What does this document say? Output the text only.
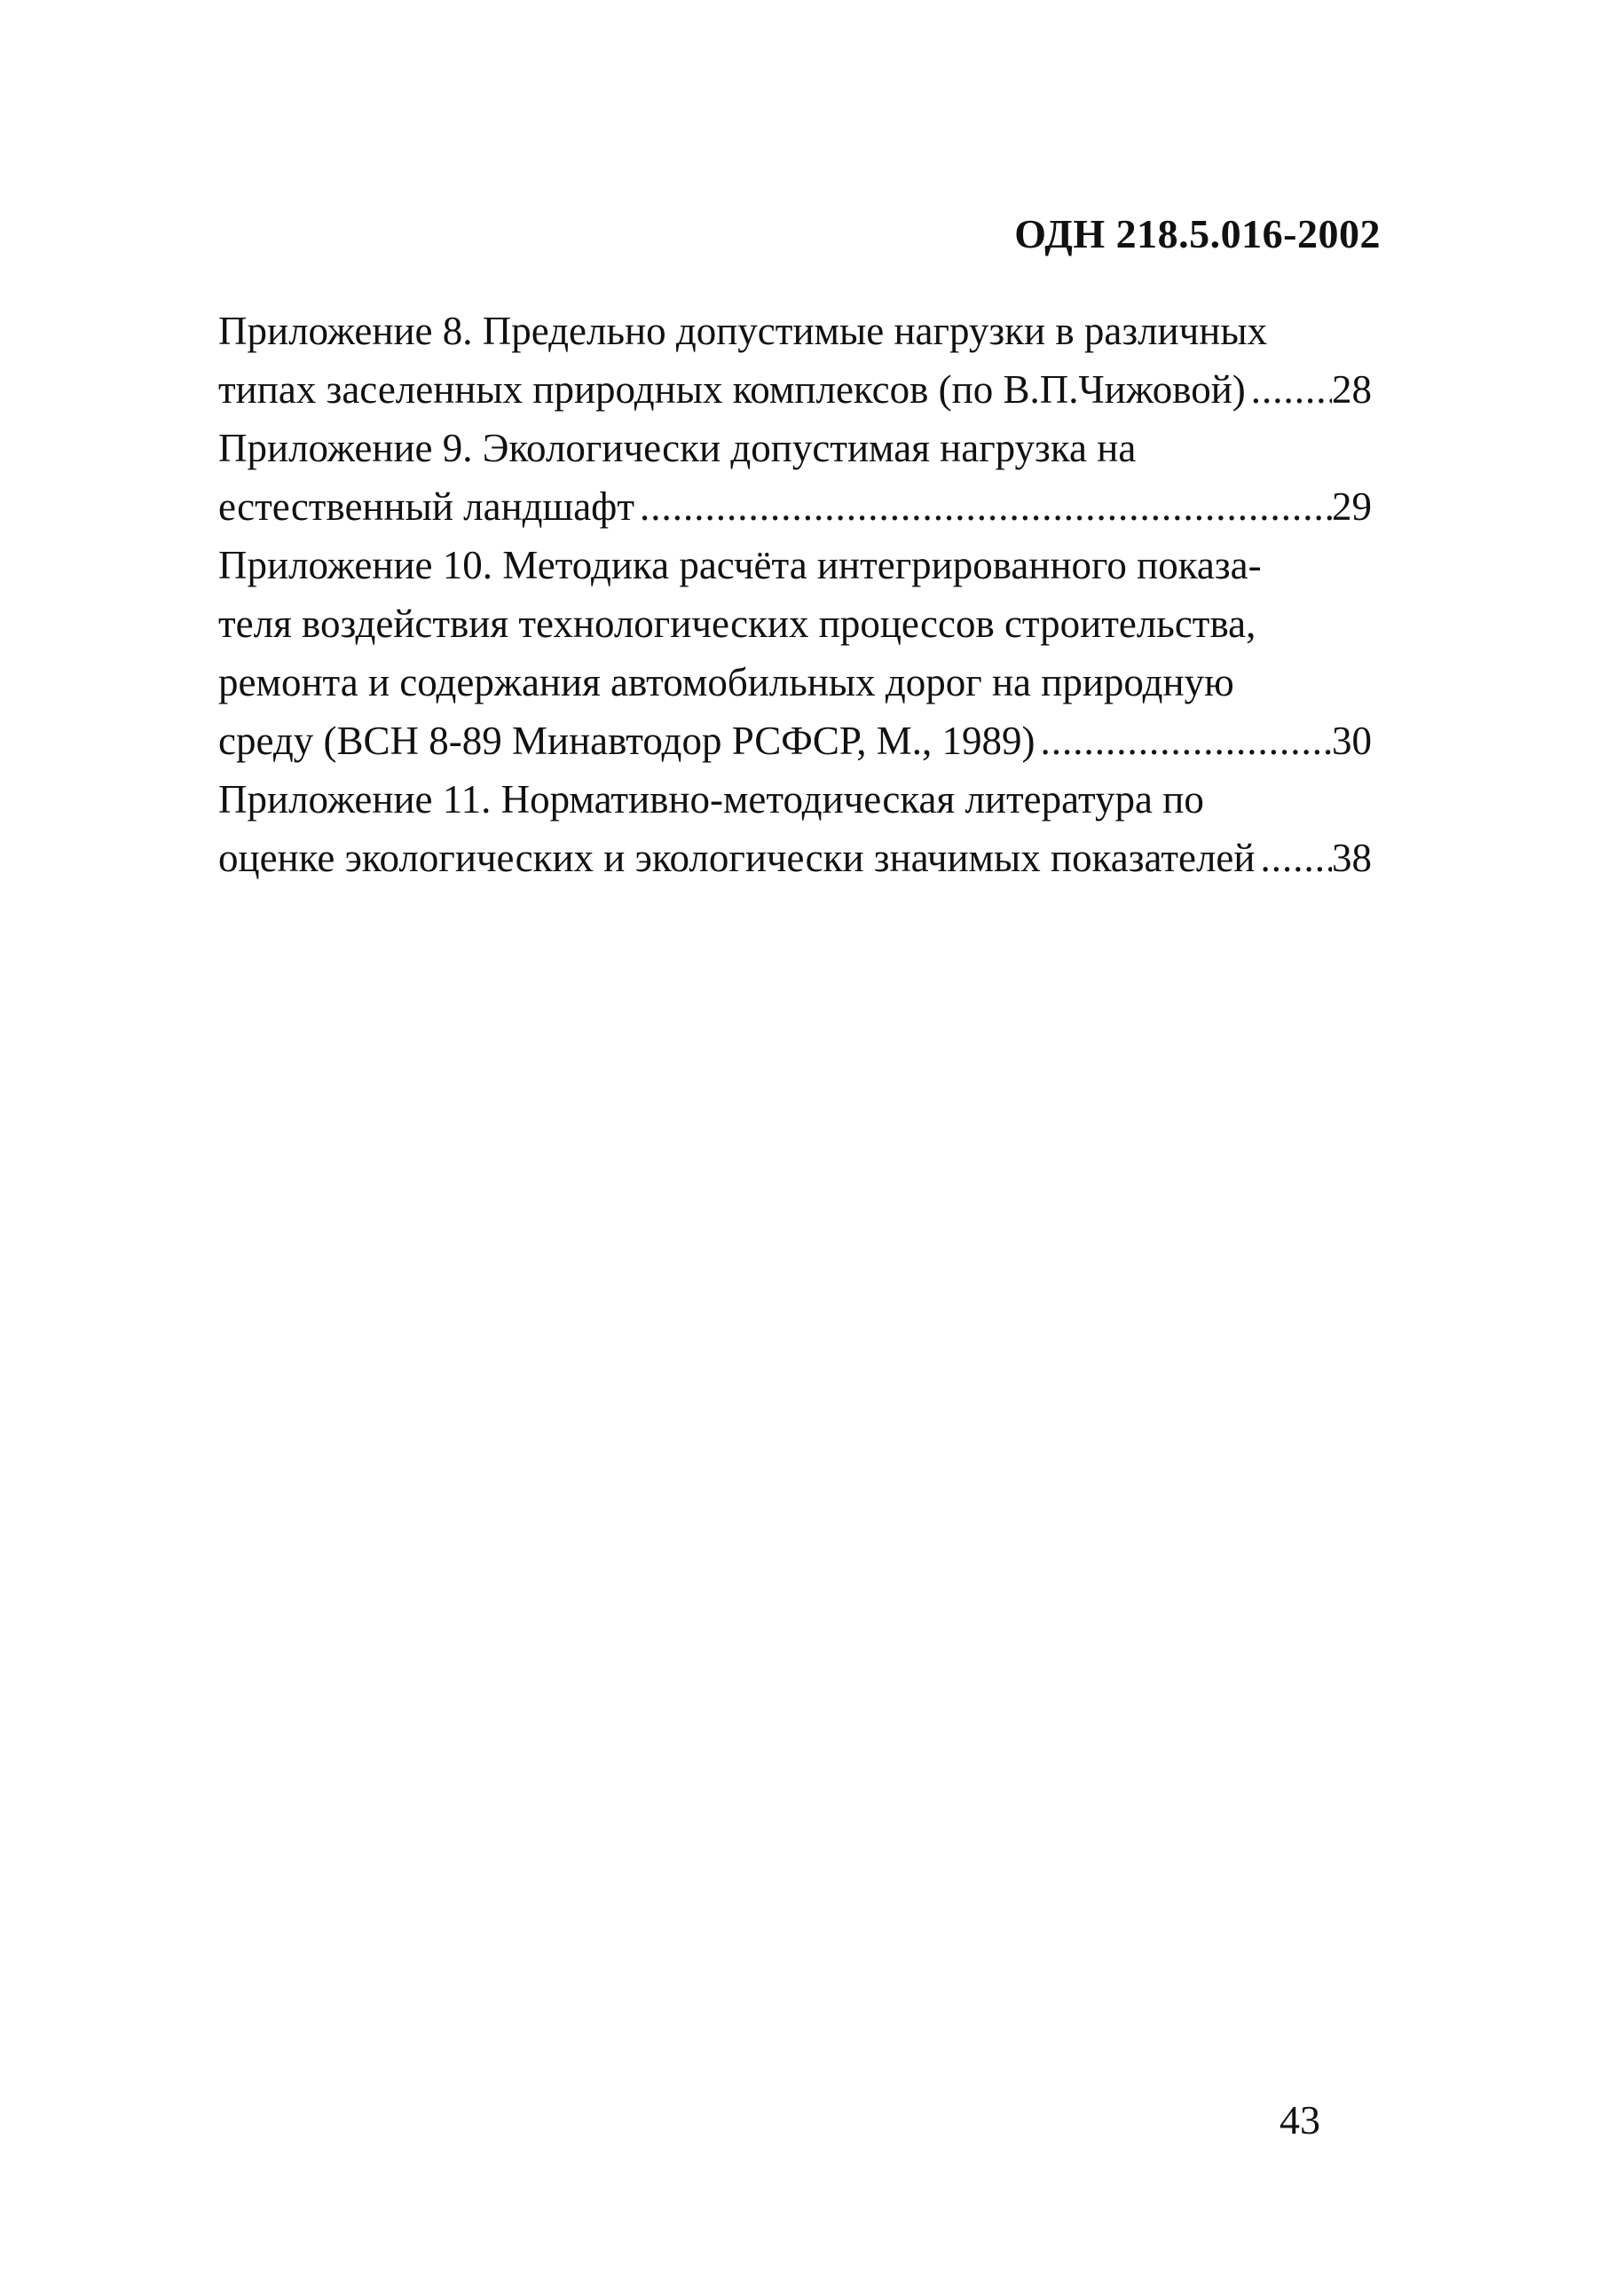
ОДН 218.5.016-2002
Приложение 8. Предельно допустимые нагрузки в различных
типах заселенных природных комплексов (по В.П.Чижовой) ..... 28
Приложение 9. Экологически допустимая нагрузка на
естественный ландшафт .....	29
Приложение 10. Методика расчёта интегрированного показа-
теля воздействия технологических процессов строительства,
ремонта и содержания автомобильных дорог на природную
среду (ВСН 8-89 Минавтодор РСФСР, М., 1989) .....	30
Приложение 11. Нормативно-методическая литература по
оценке экологических и экологически значимых показателей ..... 38
43
